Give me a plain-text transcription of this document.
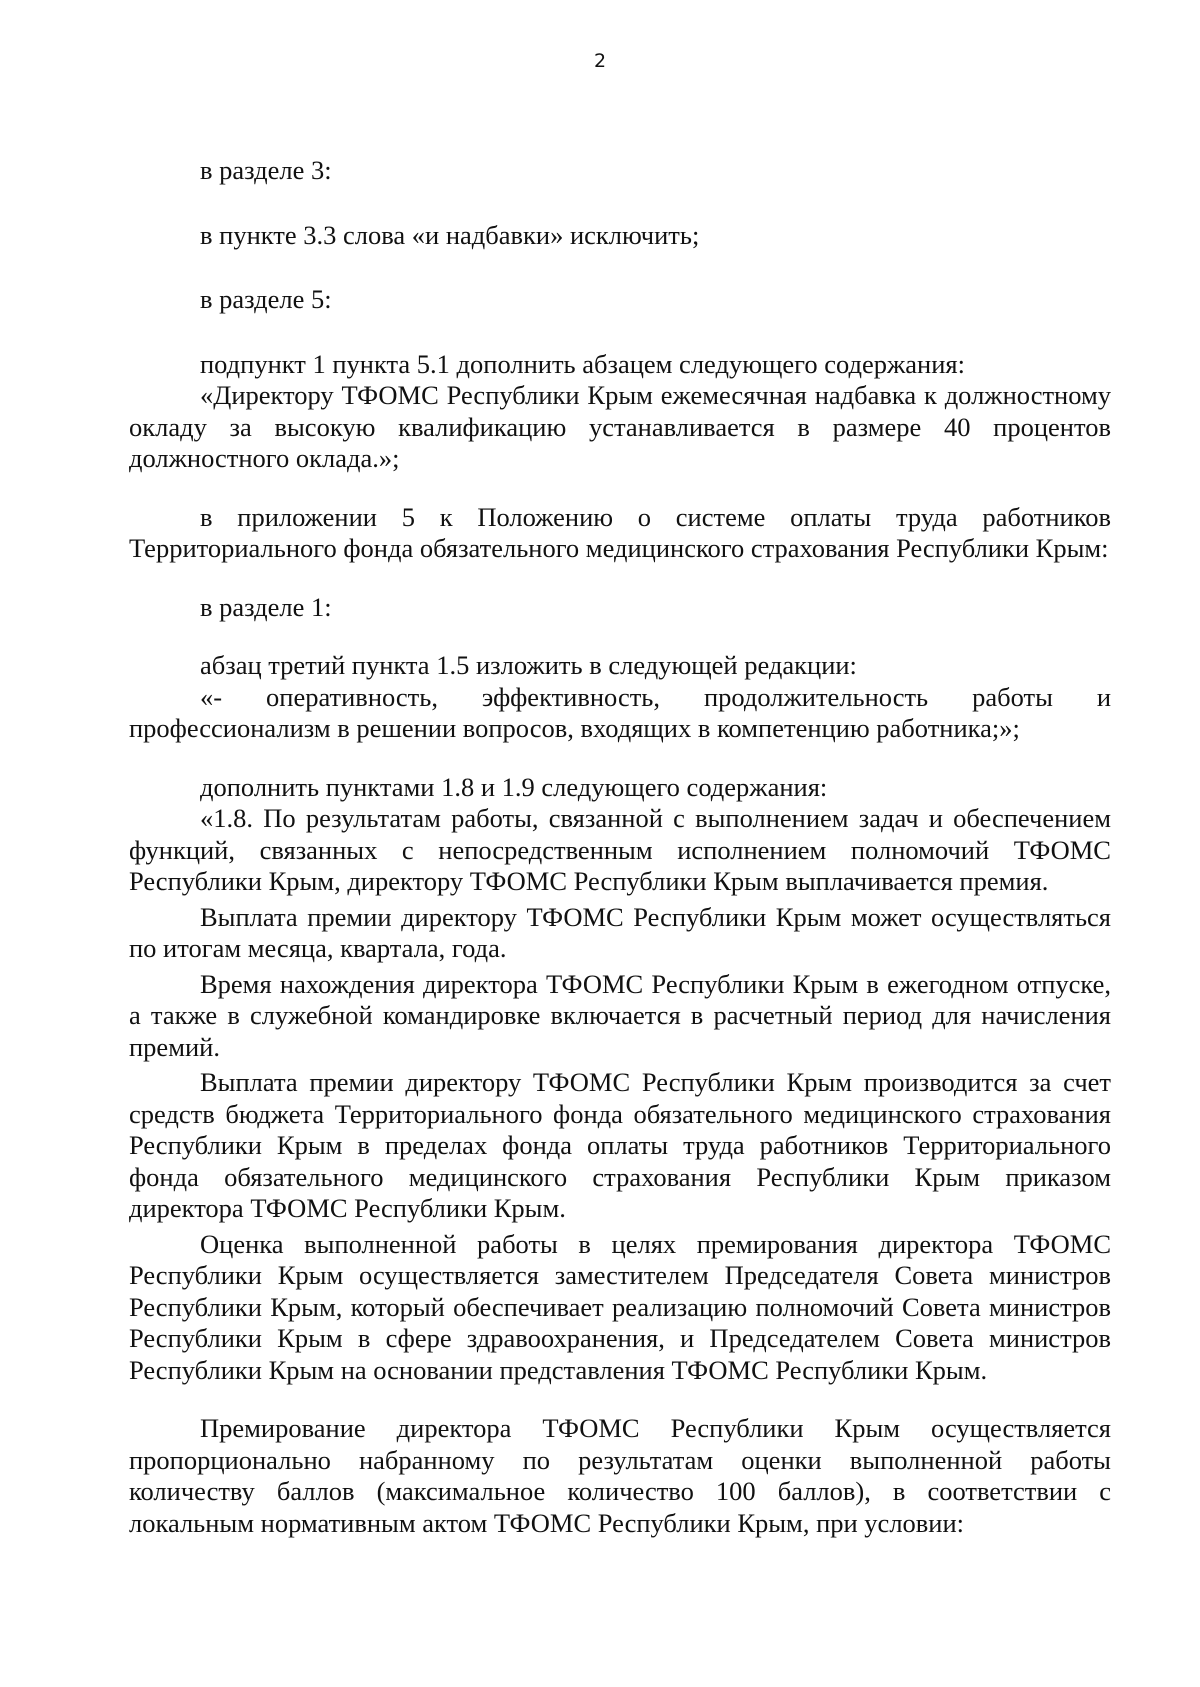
2

в разделе 3:

в пункте 3.3 слова «и надбавки» исключить;

в разделе 5:

подпункт 1 пункта 5.1 дополнить абзацем следующего содержания:

«Директору ТФОМС Республики Крым ежемесячная надбавка к должностному окладу за высокую квалификацию устанавливается в размере 40 процентов должностного оклада.»;

в приложении 5 к Положению о системе оплаты труда работников Территориального фонда обязательного медицинского страхования Республики Крым:

в разделе 1:

абзац третий пункта 1.5 изложить в следующей редакции:

«- оперативность, эффективность, продолжительность работы и профессионализм в решении вопросов, входящих в компетенцию работника;»;

дополнить пунктами 1.8 и 1.9 следующего содержания:

«1.8. По результатам работы, связанной с выполнением задач и обеспечением функций, связанных с непосредственным исполнением полномочий ТФОМС Республики Крым, директору ТФОМС Республики Крым выплачивается премия.

Выплата премии директору ТФОМС Республики Крым может осуществляться по итогам месяца, квартала, года.

Время нахождения директора ТФОМС Республики Крым в ежегодном отпуске, а также в служебной командировке включается в расчетный период для начисления премий.

Выплата премии директору ТФОМС Республики Крым производится за счет средств бюджета Территориального фонда обязательного медицинского страхования Республики Крым в пределах фонда оплаты труда работников Территориального фонда обязательного медицинского страхования Республики Крым приказом директора ТФОМС Республики Крым.

Оценка выполненной работы в целях премирования директора ТФОМС Республики Крым осуществляется заместителем Председателя Совета министров Республики Крым, который обеспечивает реализацию полномочий Совета министров Республики Крым в сфере здравоохранения, и Председателем Совета министров Республики Крым на основании представления ТФОМС Республики Крым.

Премирование директора ТФОМС Республики Крым осуществляется пропорционально набранному по результатам оценки выполненной работы количеству баллов (максимальное количество 100 баллов), в соответствии с локальным нормативным актом ТФОМС Республики Крым, при условии:
